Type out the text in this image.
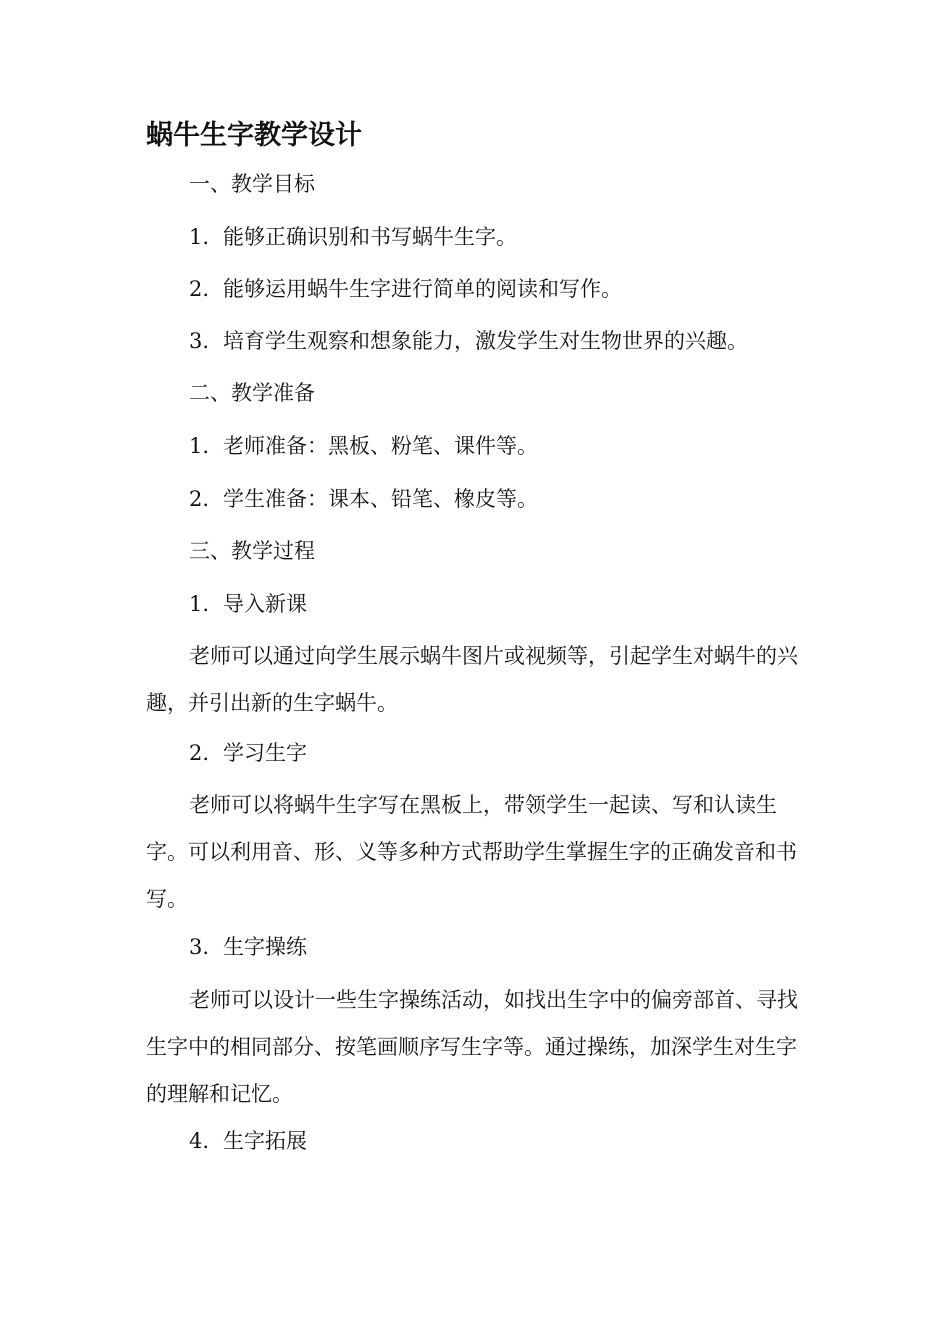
蜗牛生字教学设计

一、教学目标

1. 能够正确识别和书写蜗牛生字。

2. 能够运用蜗牛生字进行简单的阅读和写作。

3. 培育学生观察和想象能力，激发学生对生物世界的兴趣。

二、教学准备

1. 老师准备：黑板、粉笔、课件等。

2. 学生准备：课本、铅笔、橡皮等。

三、教学过程

1. 导入新课

老师可以通过向学生展示蜗牛图片或视频等，引起学生对蜗牛的兴趣，并引出新的生字蜗牛。

2. 学习生字

老师可以将蜗牛生字写在黑板上，带领学生一起读、写和认读生字。可以利用音、形、义等多种方式帮助学生掌握生字的正确发音和书写。

3. 生字操练

老师可以设计一些生字操练活动，如找出生字中的偏旁部首、寻找生字中的相同部分、按笔画顺序写生字等。通过操练，加深学生对生字的理解和记忆。

4. 生字拓展
